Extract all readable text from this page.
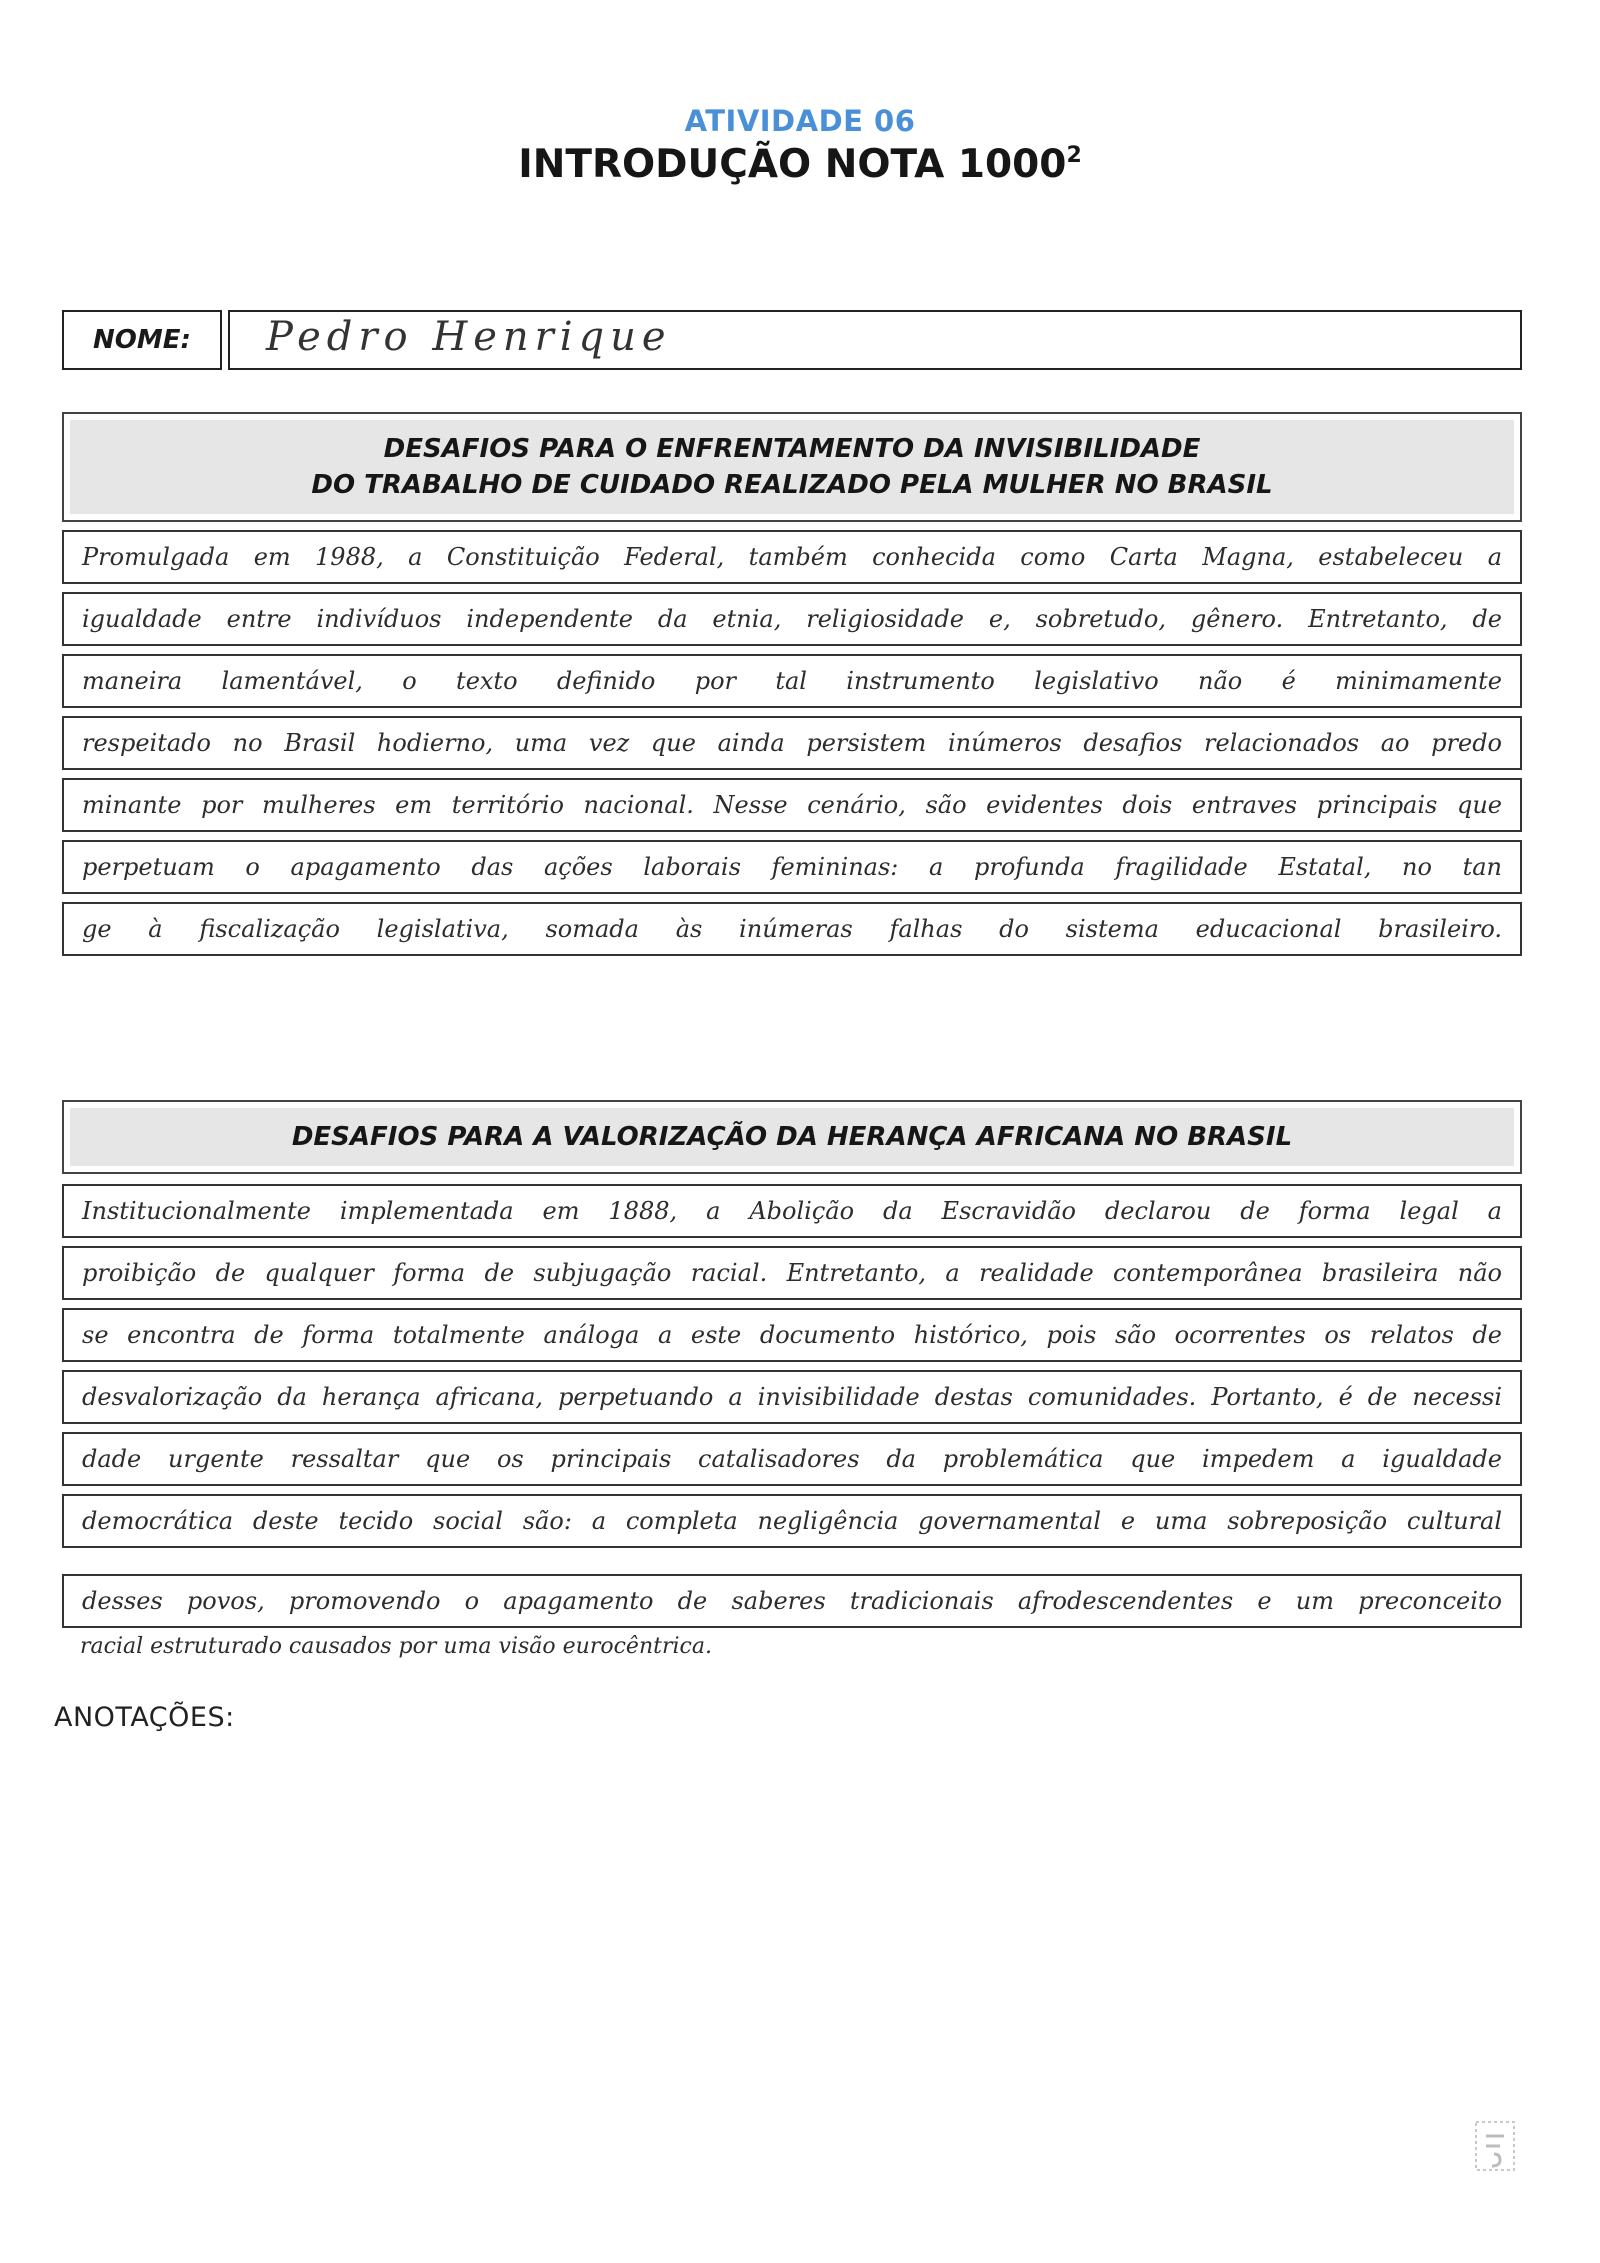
ATIVIDADE 06
INTRODUÇÃO NOTA 1000$^2$
NOME:	Pedro Henrique
DESAFIOS PARA O ENFRENTAMENTO DA INVISIBILIDADE
DO TRABALHO DE CUIDADO REALIZADO PELA MULHER NO BRASIL
Promulgada em 1988, a Constituição Federal, também conhecida como Carta Magna, estabeleceu a
igualdade entre indivíduos independente da etnia, religiosidade e, sobretudo, gênero. Entretanto, de
maneira lamentável, o texto definido por tal instrumento legislativo não é minimamente
respeitado no Brasil hodierno, uma vez que ainda persistem inúmeros desafios relacionados ao predo
minante por mulheres em território nacional. Nesse cenário, são evidentes dois entraves principais que
perpetuam o apagamento das ações laborais femininas: a profunda fragilidade Estatal, no tan
ge à fiscalização legislativa, somada às inúmeras falhas do sistema educacional brasileiro.
DESAFIOS PARA A VALORIZAÇÃO DA HERANÇA AFRICANA NO BRASIL
Institucionalmente implementada em 1888, a Abolição da Escravidão declarou de forma legal a
proibição de qualquer forma de subjugação racial. Entretanto, a realidade contemporânea brasileira não
se encontra de forma totalmente análoga a este documento histórico, pois são ocorrentes os relatos de
desvalorização da herança africana, perpetuando a invisibilidade destas comunidades. Portanto, é de necessi
dade urgente ressaltar que os principais catalisadores da problemática que impedem a igualdade
democrática deste tecido social são: a completa negligência governamental e uma sobreposição cultural
desses povos, promovendo o apagamento de saberes tradicionais afrodescendentes e um preconceito
racial estruturado causados por uma visão eurocêntrica.
ANOTAÇÕES:
